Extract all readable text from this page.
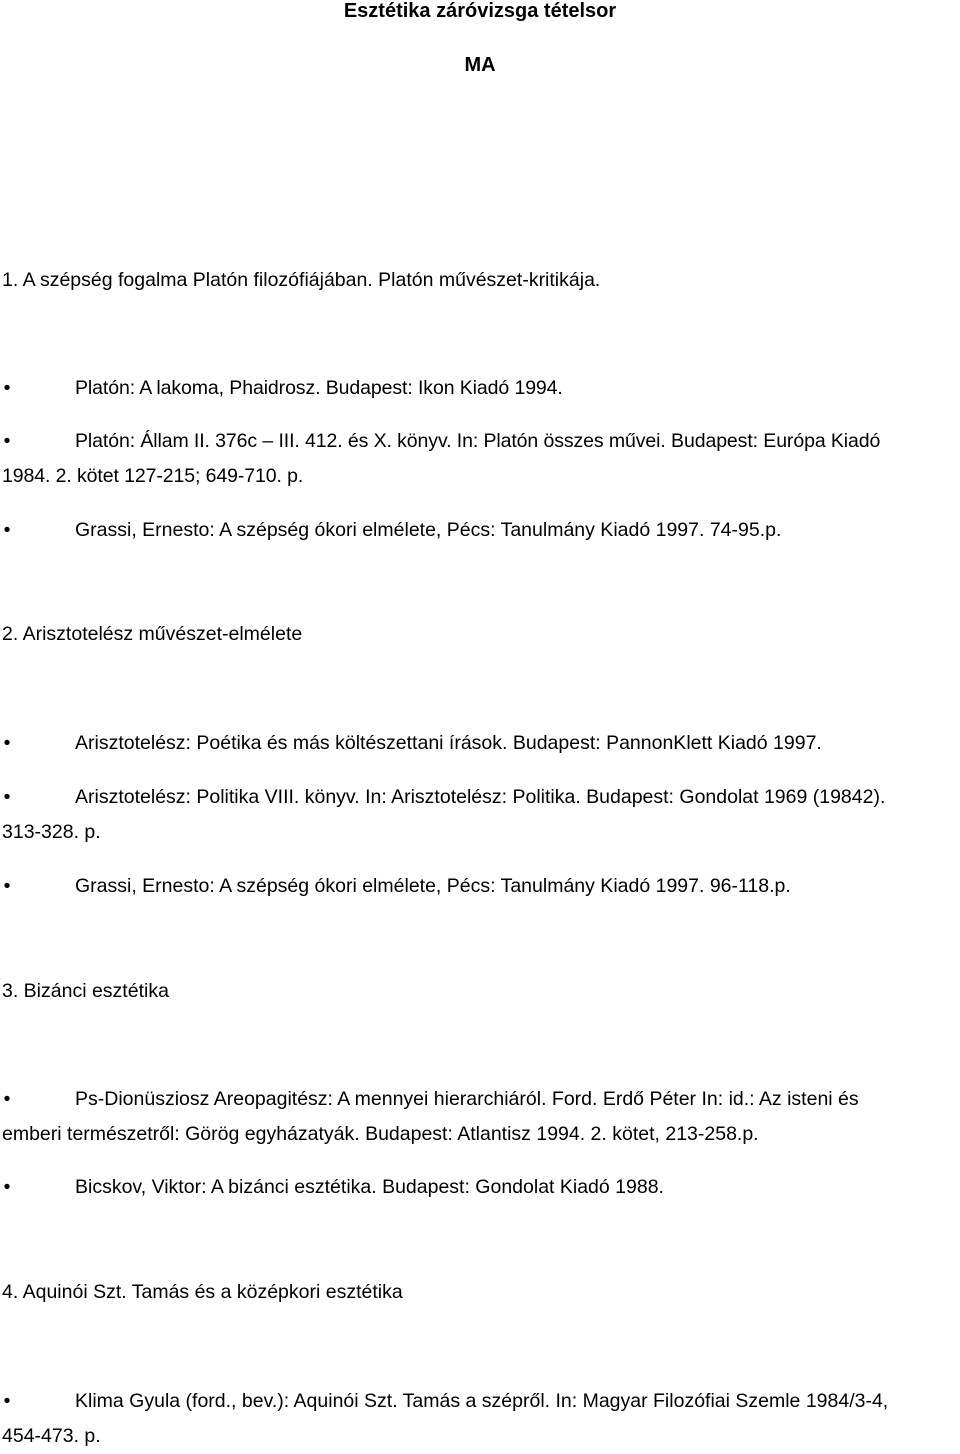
Esztétika záróvizsga tételsor
MA
1. A szépség fogalma Platón filozófiájában. Platón művészet-kritikája.
•	Platón: A lakoma, Phaidrosz. Budapest: Ikon Kiadó 1994.
•	Platón: Állam II. 376c – III. 412. és X. könyv. In: Platón összes művei. Budapest: Európa Kiadó
1984. 2. kötet 127-215; 649-710. p.
•	Grassi, Ernesto: A szépség ókori elmélete, Pécs: Tanulmány Kiadó 1997. 74-95.p.
2. Arisztotelész művészet-elmélete
•	Arisztotelész: Poétika és más költészettani írások. Budapest: PannonKlett Kiadó 1997.
•	Arisztotelész: Politika VIII. könyv. In: Arisztotelész: Politika. Budapest: Gondolat 1969 (19842).
313-328. p.
•	Grassi, Ernesto: A szépség ókori elmélete, Pécs: Tanulmány Kiadó 1997. 96-118.p.
3. Bizánci esztétika
•	Ps-Dionüsziosz Areopagitész: A mennyei hierarchiáról. Ford. Erdő Péter In: id.: Az isteni és
emberi természetről: Görög egyházatyák. Budapest: Atlantisz 1994. 2. kötet, 213-258.p.
•	Bicskov, Viktor: A bizánci esztétika. Budapest: Gondolat Kiadó 1988.
4. Aquinói Szt. Tamás és a középkori esztétika
•	Klima Gyula (ford., bev.): Aquinói Szt. Tamás a szépről. In: Magyar Filozófiai Szemle 1984/3-4,
454-473. p.
